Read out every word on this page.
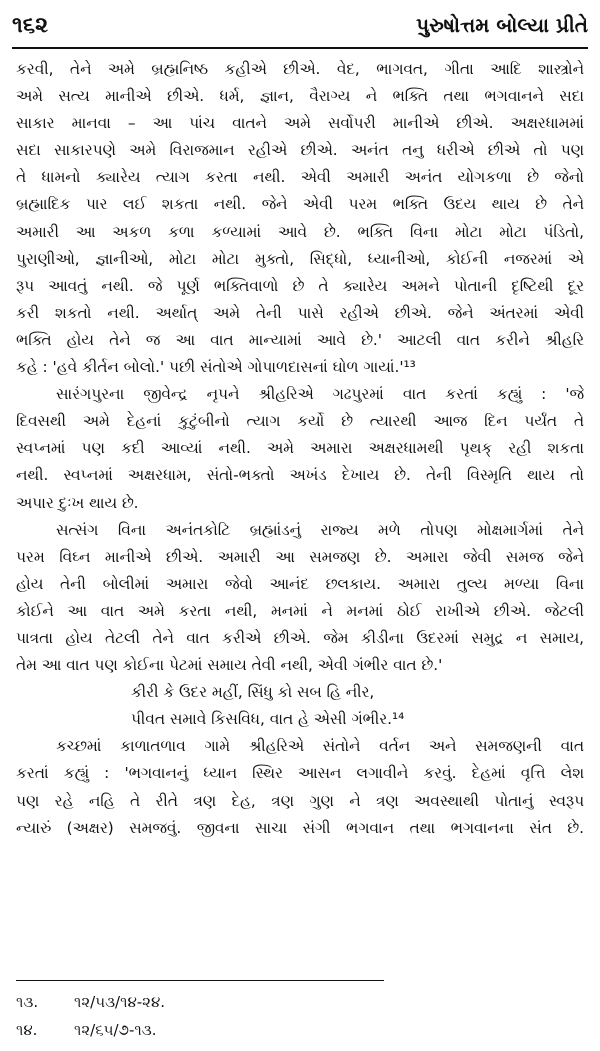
૧૬૨	પુરુષોત્તમ બોલ્યા પ્રીતે
કરવી, તેને અમે બ્રહ્મનિષ્ઠ કહીએ છીએ. વેદ, ભાગવત, ગીતા આદિ શાસ્ત્રોને
અમે સત્ય માનીએ છીએ. ધર્મ, જ્ઞાન, વૈરાગ્ય ને ભક્તિ તથા ભગવાનને સદા
સાકાર માનવા – આ પાંચ વાતને અમે સર્વોપરી માનીએ છીએ. અક્ષરધામમાં
સદા સાકારપણે અમે વિરાજમાન રહીએ છીએ. અનંત તનુ ધરીએ છીએ તો પણ
તે ધામનો ક્યારેય ત્યાગ કરતા નથી. એવી અમારી અનંત યોગકળા છે જેનો
બ્રહ્માદિક પાર લઈ શકતા નથી. જેને એવી પરમ ભક્તિ ઉદય થાય છે તેને
અમારી આ અકળ કળા કળ્યામાં આવે છે. ભક્તિ વિના મોટા મોટા પંડિતો,
પુરાણીઓ, જ્ઞાનીઓ, મોટા મોટા મુક્તો, સિદ્ધો, ધ્યાનીઓ, કોઈની નજરમાં એ
રૂપ આવતું નથી. જે પૂર્ણ ભક્તિવાળો છે તે ક્યારેય અમને પોતાની દૃષ્ટિથી દૂર
કરી શકતો નથી. અર્થાત્ અમે તેની પાસે રહીએ છીએ. જેને અંતરમાં એવી
ભક્તિ હોય તેને જ આ વાત માન્યામાં આવે છે.' આટલી વાત કરીને શ્રીહરિ
કહે : 'હવે કીર્તન બોલો.' પછી સંતોએ ગોપાળદાસનાં ઘોળ ગાયાં.'¹³
સારંગપુરના જીવેન્દ્ર નૃપને શ્રીહરિએ ગઢપુરમાં વાત કરતાં કહ્યું : 'જે
દિવસથી અમે દેહનાં કુટુંબીનો ત્યાગ કર્યો છે ત્યારથી આજ દિન પર્યંત તે
સ્વપ્નમાં પણ કદી આવ્યાં નથી. અમે અમારા અક્ષરધામથી પૃથક્ રહી શકતા
નથી. સ્વપ્નમાં અક્ષરધામ, સંતો-ભક્તો અખંડ દેખાય છે. તેની વિસ્મૃતિ થાય તો
અપાર દુઃખ થાય છે.
સત્સંગ વિના અનંતકોટિ બ્રહ્માંડનું રાજ્ય મળે તોપણ મોક્ષમાર્ગમાં તેને
પરમ વિઘ્ન માનીએ છીએ. અમારી આ સમજણ છે. અમારા જેવી સમજ જેને
હોય તેની બોલીમાં અમારા જેવો આનંદ છલકાય. અમારા તુલ્ય મળ્યા વિના
કોઈને આ વાત અમે કરતા નથી, મનમાં ને મનમાં ઠોઈ રાખીએ છીએ. જેટલી
પાત્રતા હોય તેટલી તેને વાત કરીએ છીએ. જેમ કીડીના ઉદરમાં સમુદ્ર ન સમાય,
તેમ આ વાત પણ કોઈના પેટમાં સમાય તેવી નથી, એવી ગંભીર વાત છે.'
કીરી કે ઉદર મહીં, સિંધુ કો સબ હિ નીર,
પીવત સમાવે કિસવિધ, વાત હે એસી ગંભીર.¹⁴
કચ્છમાં કાળાતળાવ ગામે શ્રીહરિએ સંતોને વર્તન અને સમજણની વાત
કરતાં કહ્યું : 'ભગવાનનું ધ્યાન સ્થિર આસન લગાવીને કરવું. દેહમાં વૃત્તિ લેશ
પણ રહે નહિ તે રીતે ત્રણ દેહ, ત્રણ ગુણ ને ત્રણ અવસ્થાથી પોતાનું સ્વરૂપ
ન્યારું (અક્ષર) સમજવું. જીવના સાચા સંગી ભગવાન તથા ભગવાનના સંત છે.
૧૩.	૧૨/૫૩/૧૪-૨૪.
૧૪.	૧૨/૬૫/૭-૧૩.
